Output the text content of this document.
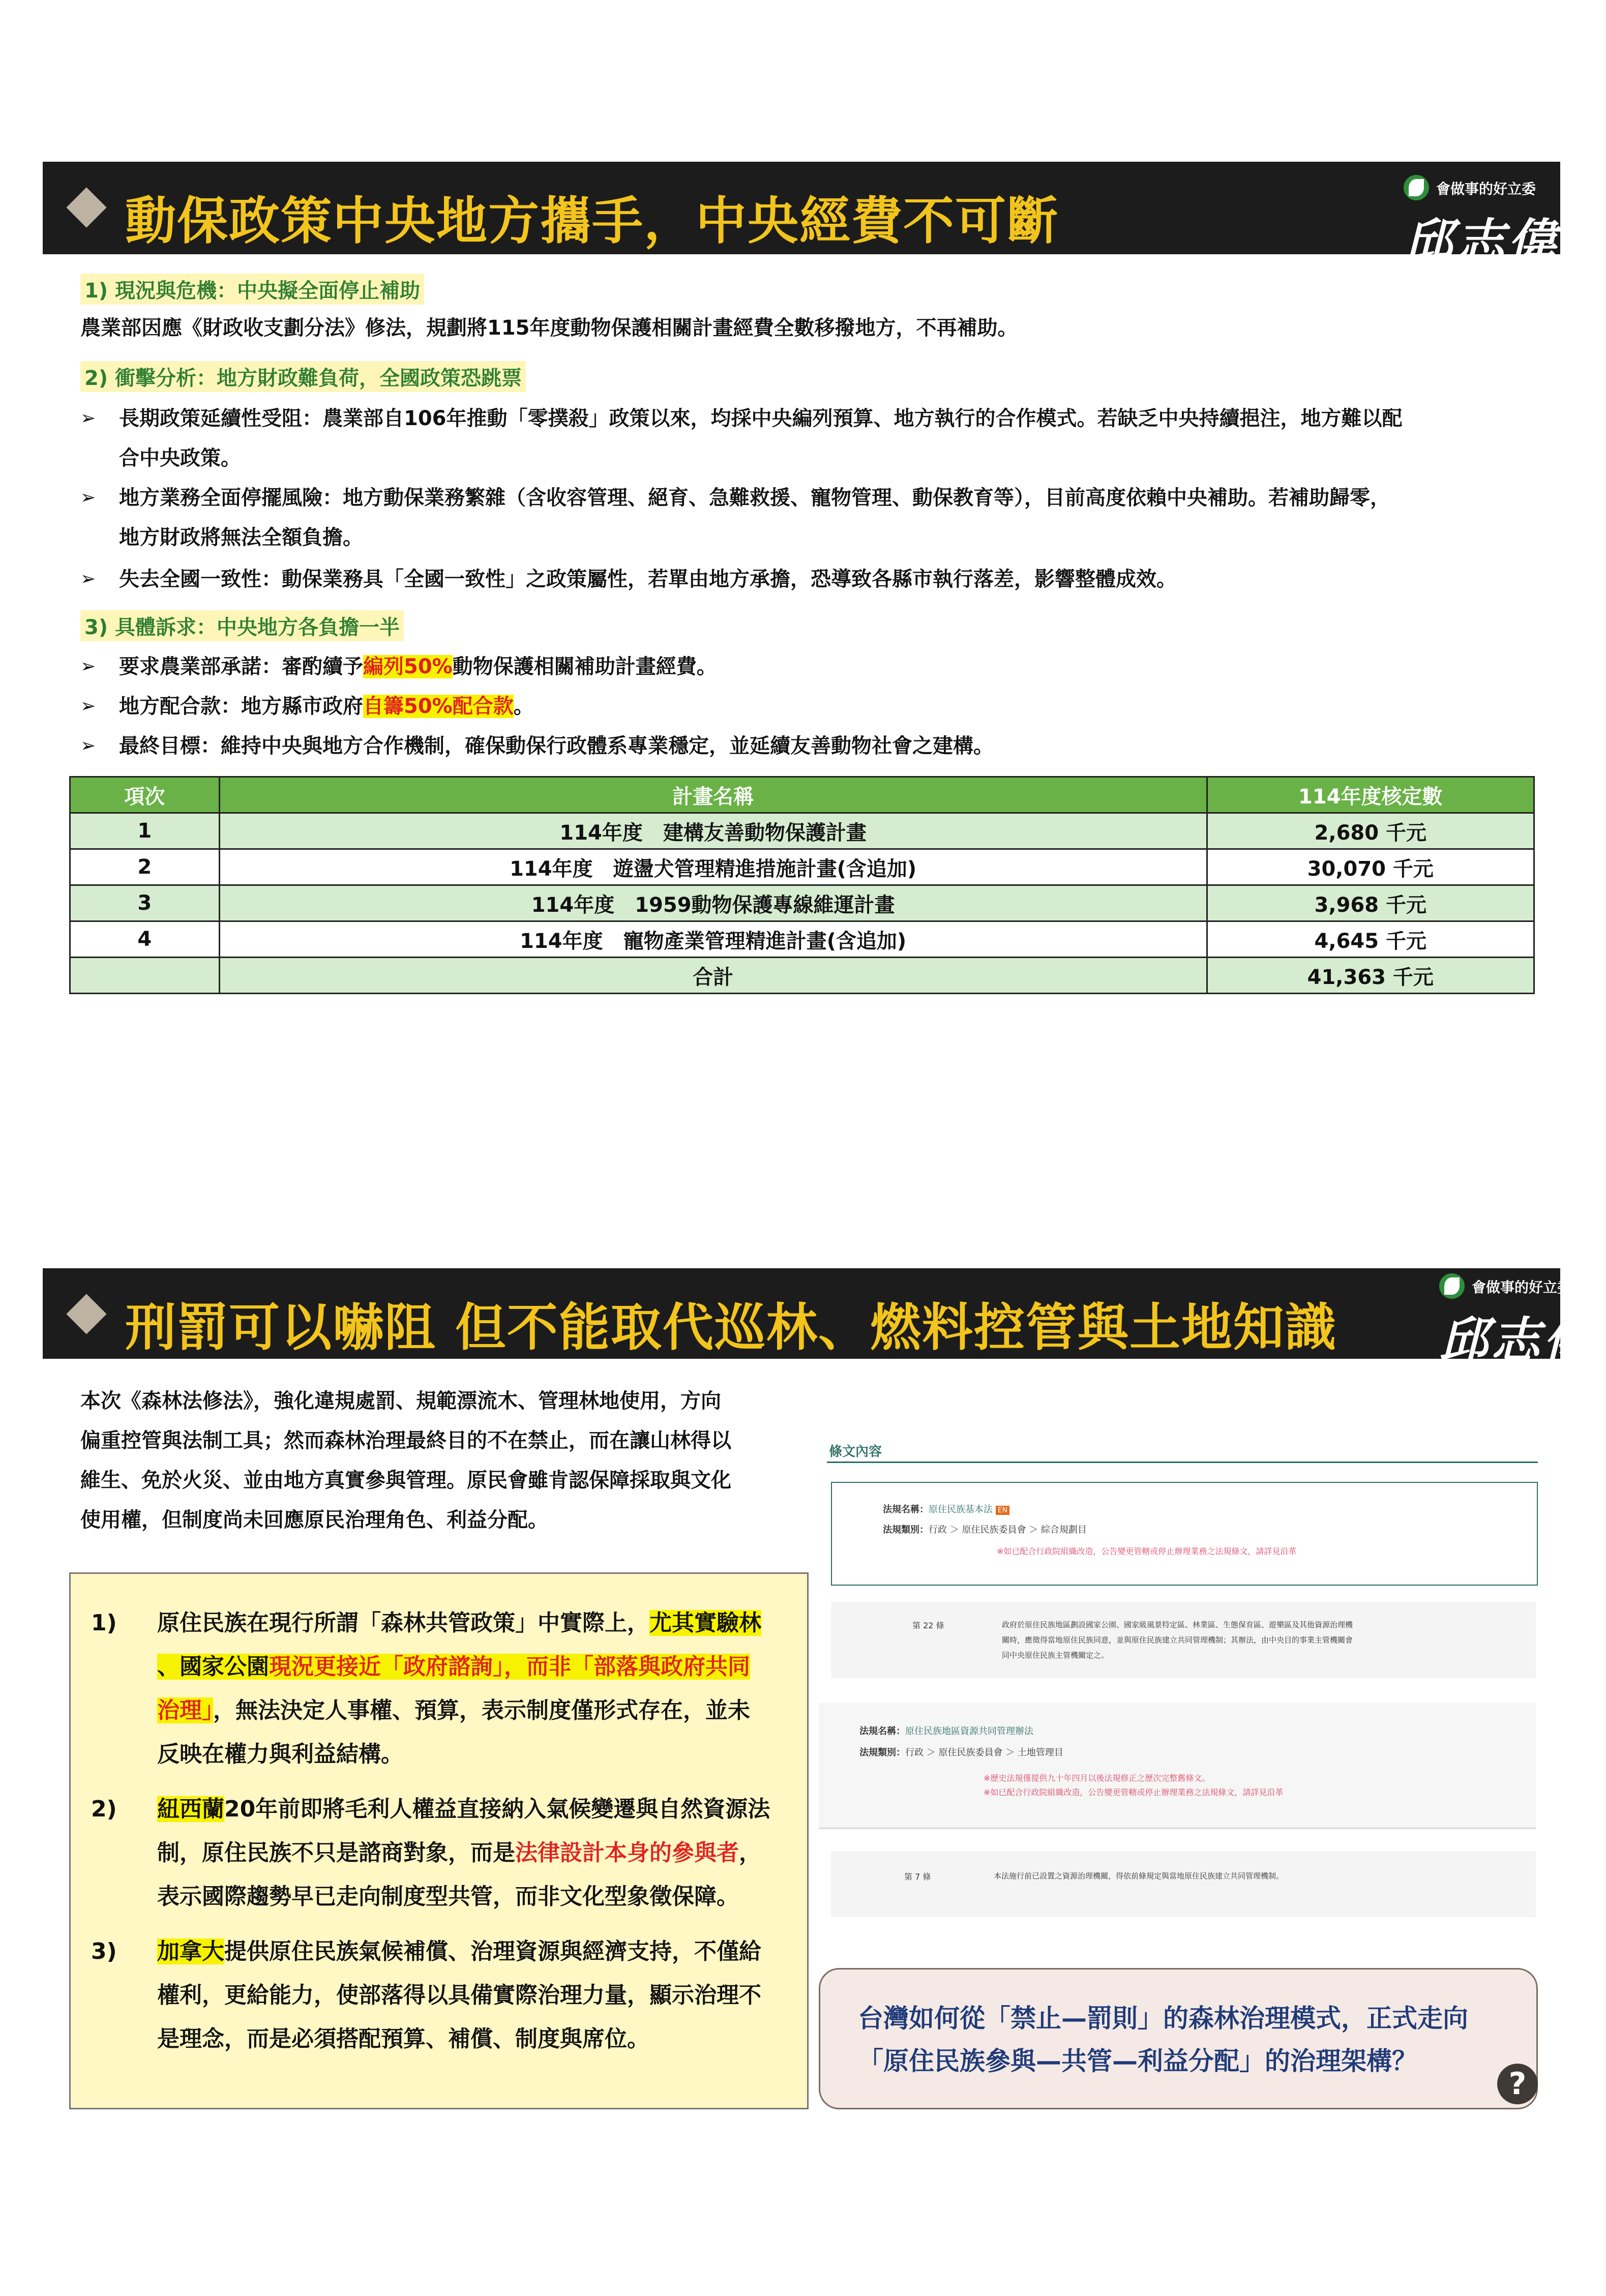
動保政策中央地方攜手，中央經費不可斷
會做事的好立委
邱志偉
1) 現況與危機：中央擬全面停止補助
農業部因應《財政收支劃分法》修法，規劃將115年度動物保護相關計畫經費全數移撥地方，不再補助。
2) 衝擊分析：地方財政難負荷，全國政策恐跳票
➢ 長期政策延續性受阻：農業部自106年推動「零撲殺」政策以來，均採中央編列預算、地方執行的合作模式。若缺乏中央持續挹注，地方難以配
合中央政策。
➢ 地方業務全面停擺風險：地方動保業務繁雜（含收容管理、絕育、急難救援、寵物管理、動保教育等），目前高度依賴中央補助。若補助歸零，
地方財政將無法全額負擔。
➢ 失去全國一致性：動保業務具「全國一致性」之政策屬性，若單由地方承擔，恐導致各縣市執行落差，影響整體成效。
3) 具體訴求：中央地方各負擔一半
➢ 要求農業部承諾：審酌續予編列50%動物保護相關補助計畫經費。
➢ 地方配合款：地方縣市政府自籌50%配合款。
➢ 最終目標：維持中央與地方合作機制，確保動保行政體系專業穩定，並延續友善動物社會之建構。
項次	計畫名稱	114年度核定數
1	114年度　建構友善動物保護計畫	2,680 千元
2	114年度　遊盪犬管理精進措施計畫(含追加)	30,070 千元
3	114年度　1959動物保護專線維運計畫	3,968 千元
4	114年度　寵物產業管理精進計畫(含追加)	4,645 千元
	合計	41,363 千元
刑罰可以嚇阻 但不能取代巡林、燃料控管與土地知識
會做事的好立委
邱志偉
本次《森林法修法》，強化違規處罰、規範漂流木、管理林地使用，方向
偏重控管與法制工具；然而森林治理最終目的不在禁止，而在讓山林得以
維生、免於火災、並由地方真實參與管理。原民會雖肯認保障採取與文化
使用權，但制度尚未回應原民治理角色、利益分配。
1) 原住民族在現行所謂「森林共管政策」中實際上，尤其實驗林
、國家公園現況更接近「政府諮詢」，而非「部落與政府共同
治理」，無法決定人事權、預算，表示制度僅形式存在，並未
反映在權力與利益結構。
2) 紐西蘭20年前即將毛利人權益直接納入氣候變遷與自然資源法
制，原住民族不只是諮商對象，而是法律設計本身的參與者，
表示國際趨勢早已走向制度型共管，而非文化型象徵保障。
3) 加拿大提供原住民族氣候補償、治理資源與經濟支持，不僅給
權利，更給能力，使部落得以具備實際治理力量，顯示治理不
是理念，而是必須搭配預算、補償、制度與席位。
條文內容
法規名稱：原住民族基本法 EN
法規類別：行政 ＞ 原住民族委員會 ＞ 綜合規劃目
※如已配合行政院組織改造，公告變更管轄或停止辦理業務之法規條文，請詳見沿革
第 22 條	政府於原住民族地區劃設國家公園、國家級風景特定區、林業區、生態保育區、遊樂區及其他資源治理機
關時，應徵得當地原住民族同意，並與原住民族建立共同管理機制；其辦法，由中央目的事業主管機關會
同中央原住民族主管機關定之。
法規名稱：原住民族地區資源共同管理辦法
法規類別：行政 ＞ 原住民族委員會 ＞ 土地管理目
※歷史法規僅提供九十年四月以後法規修正之歷次完整舊條文。
※如已配合行政院組織改造，公告變更管轄或停止辦理業務之法規條文，請詳見沿革
第 7 條	本法施行前已設置之資源治理機關，得依前條規定與當地原住民族建立共同管理機制。
台灣如何從「禁止—罰則」的森林治理模式，正式走向
「原住民族參與—共管—利益分配」的治理架構？
?
